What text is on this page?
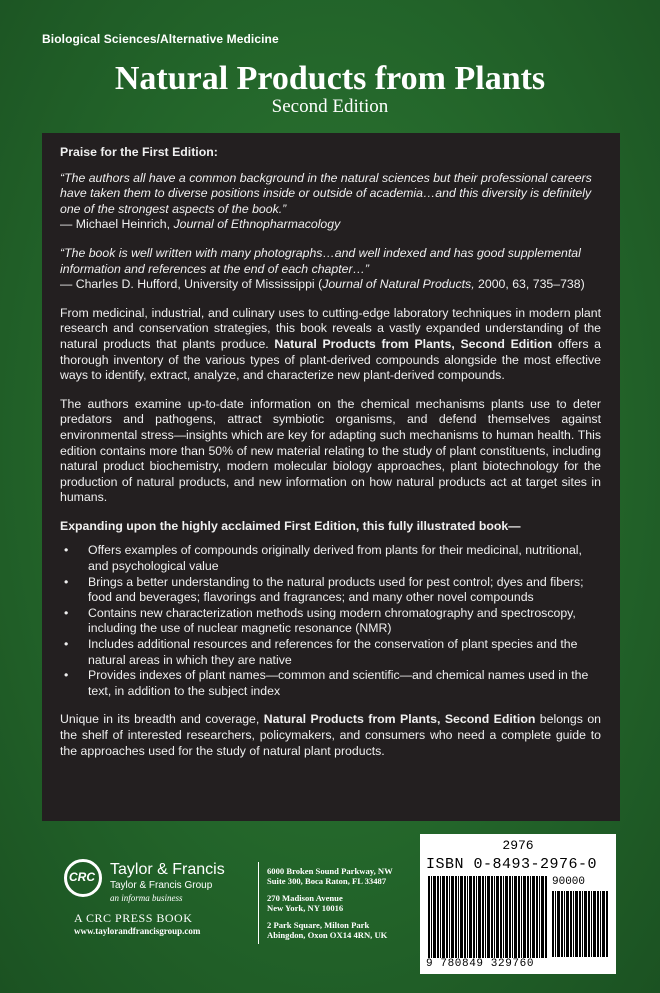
Biological Sciences/Alternative Medicine
Natural Products from Plants
Second Edition

Praise for the First Edition:

“The authors all have a common background in the natural sciences but their professional careers have taken them to diverse positions inside or outside of academia…and this diversity is definitely one of the strongest aspects of the book.”

— Michael Heinrich, Journal of Ethnopharmacology

“The book is well written with many photographs…and well indexed and has good supplemental information and references at the end of each chapter…”

— Charles D. Hufford, University of Mississippi (Journal of Natural Products, 2000, 63, 735–738)

From medicinal, industrial, and culinary uses to cutting-edge laboratory techniques in modern plant research and conservation strategies, this book reveals a vastly expanded understanding of the natural products that plants produce. Natural Products from Plants, Second Edition offers a thorough inventory of the various types of plant-derived compounds alongside the most effective ways to identify, extract, analyze, and characterize new plant-derived compounds.

The authors examine up-to-date information on the chemical mechanisms plants use to deter predators and pathogens, attract symbiotic organisms, and defend themselves against environmental stress—insights which are key for adapting such mechanisms to human health. This edition contains more than 50% of new material relating to the study of plant constituents, including natural product biochemistry, modern molecular biology approaches, plant biotechnology for the production of natural products, and new information on how natural products act at target sites in humans.

Expanding upon the highly acclaimed First Edition, this fully illustrated book—

• Offers examples of compounds originally derived from plants for their medicinal, nutritional, and psychological value
• Brings a better understanding to the natural products used for pest control; dyes and fibers; food and beverages; flavorings and fragrances; and many other novel compounds
• Contains new characterization methods using modern chromatography and spectroscopy, including the use of nuclear magnetic resonance (NMR)
• Includes additional resources and references for the conservation of plant species and the natural areas in which they are native
• Provides indexes of plant names—common and scientific—and chemical names used in the text, in addition to the subject index

Unique in its breadth and coverage, Natural Products from Plants, Second Edition belongs on the shelf of interested researchers, policymakers, and consumers who need a complete guide to the approaches used for the study of natural plant products.

CRC Taylor & Francis
Taylor & Francis Group
an informa business
A CRC PRESS BOOK
www.taylorandfrancisgroup.com
6000 Broken Sound Parkway, NW
Suite 300, Boca Raton, FL 33487
270 Madison Avenue
New York, NY 10016
2 Park Square, Milton Park
Abingdon, Oxon OX14 4RN, UK
2976
ISBN 0-8493-2976-0
90000
9 780849 329760
